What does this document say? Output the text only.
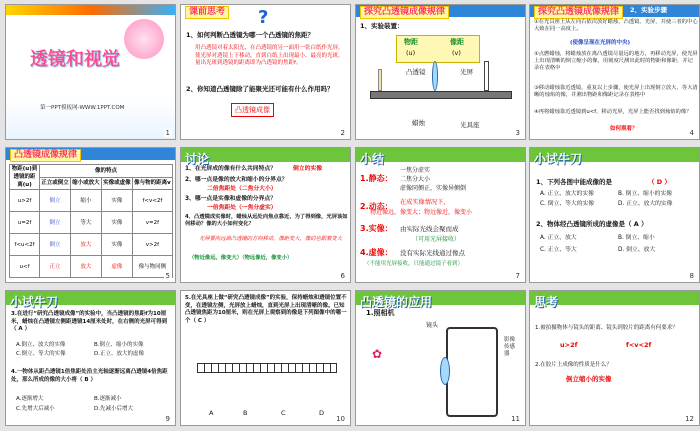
透镜和视觉
第一PPT模板网-WWW.1PPT.COM
1
课前思考 ?
1、如何判断凸透镜为哪一个凸透镜的焦距？
用凸透镜对着太阳光，在凸透镜的另一面用一张白纸作光屏，使光屏对透镜上下移动，直到白纸上出现最小、最亮的光斑，量出光斑到透镜的距离即为凸透镜的焦距f。
2、你知道凸透镜除了能聚光还可能有什么作用吗？
凸透镜成像
2
探究凸透镜成像规律
1、实验装置：
物距	像距
(u)	(v)
凸透镜	光屏
蜡烛	光具座
3
探究凸透镜成像规律	2、实验步骤
①在光具座上从左向右依次放好蜡烛、凸透镜、光屏，并使三者的中心大致在同一高度上。
(使像呈现在光屏的中央)
②点燃蜡烛，将蜡烛放在离凸透镜尽量远的地方，再移动光屏，使光屏上出现清晰的倒立缩小的像，用刻度尺测出此时的物距和像距，并记录在表格中
③移动蜡烛靠近透镜，重复以上步骤，使光屏上出现倒立放大、等大清晰的烛焰的像，并测出物距和像距记录在表格中
④再将蜡烛靠近透镜到u<f，移动光屏，光屏上能否找到烛焰的像？
如何观看？	4
凸透镜成像规律
物距(u)到透镜的距离(u)	像的特点			
	正立或倒立	缩小或放大	实像或虚像	像与物的距离v
u>2f	倒立	缩小	实像	f<v<2f
u=2f	倒立	等大	实像	v=2f
f<u<2f	倒立	放大	实像	v>2f
u<f	正立	放大	虚像	像与物同侧
5
讨论
1、在光屏成的像有什么共同特点？	倒立的实像
2、哪一点是像的放大和缩小的分界点？
二倍焦距处（二焦分大小）
3、哪一点是实像和虚像的分界点？
一倍焦距处（一焦分虚实）
4、凸透镜成实像时，蜡烛从远处向焦点靠近，为了得到像，光屏该如何移动？像的大小如何变化？
光屏要向远离凸透镜的方向移动，像距变大，像的也跟着变大
（物近像远，像变大）（物远像近，像变小）
6
小结
1.静态：
一焦分虚实
二焦分大小
虚像同侧正，实像异侧倒
2.动态： 在成实像情况下，
物近像远，像变大；物远像近，像变小
3.实像： 由实际光线会聚而成
（可用光屏接收）
4.虚像： 没有实际光线通过像点
（不能用光屏接收，只能通过镜子看到）
7
小试牛刀
1、下列各图中能成像的是	（ D ）
A. 正立、放大的实像	B. 倒立、缩小的实像
C. 倒立、等大的实像	D. 正立、放大的实像
2、物体经凸透镜所成的虚像是（ A ）
A. 正立、放大	B. 倒立、缩小
C. 正立、等大	D. 倒立、放大
8
小试牛刀
3.在进行“研究凸透镜成像”的实验中，当凸透镜的焦距f为10厘米，蜡烛在凸透镜左侧距透镜14厘米处时，在右侧的光屏可得到（ A ）
A.倒立、放大的实像	B.倒立、缩小的实像
C.倒立、等大的实像	D.正立、放大的虚像
4.一物体从距凸透镜1倍焦距处沿主光轴逐渐远离凸透镜4倍焦距处，那么所成的像的大小将（ B ）
A.逐渐增大	B.逐渐减小
C.先增大后减小	D.先减小后增大
9
5.在光具座上做“研究凸透镜成像”的实验，保持蜡烛和透镜位置不变，在透镜左侧，光屏放上蜡烛，直到光屏上出现清晰的像。已知凸透镜焦距为10厘米，则在光屏上观察到的像是下列图像中的哪一个（ C ）
A	B	C	D
10
凸透镜的应用
1.照相机
镜头
影像传感器
✿
11
思考
1.被拍摄物体与镜头的距离、镜头到胶片的距离有何要求？
u>2f	f<v<2f
2.在胶片上成像的性质是什么？
倒立缩小的实像
12
